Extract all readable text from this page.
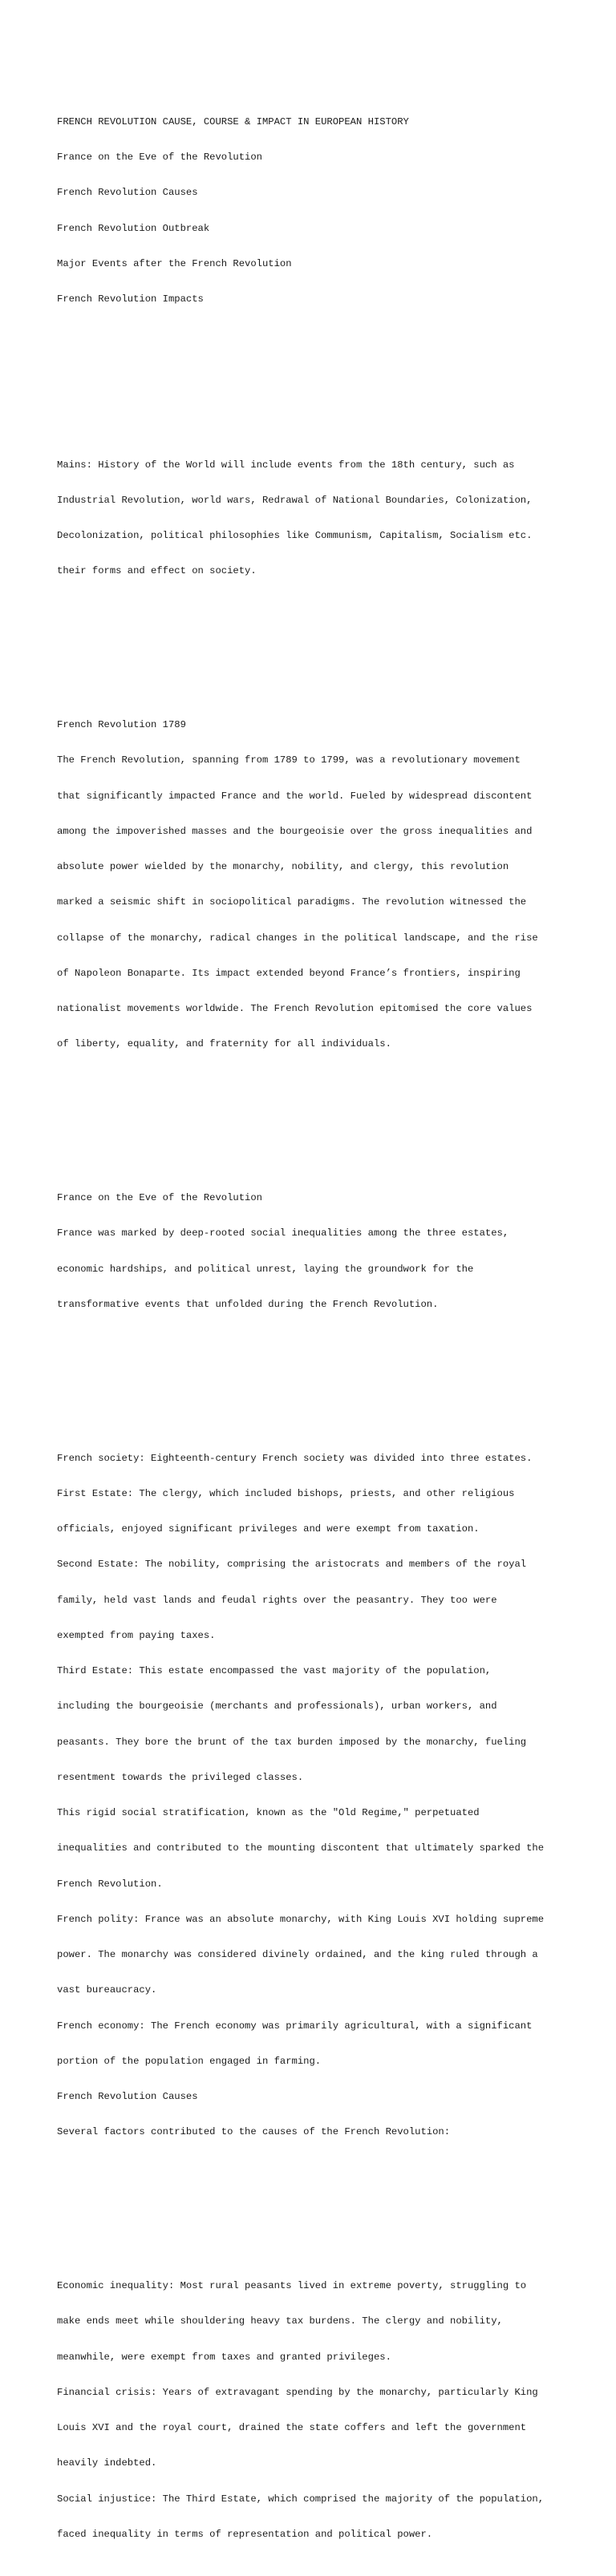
FRENCH REVOLUTION CAUSE, COURSE & IMPACT IN EUROPEAN HISTORY

France on the Eve of the Revolution

French Revolution Causes

French Revolution Outbreak

Major Events after the French Revolution

French Revolution Impacts

Mains: History of the World will include events from the 18th century, such as

Industrial Revolution, world wars, Redrawal of National Boundaries, Colonization,

Decolonization, political philosophies like Communism, Capitalism, Socialism etc.

their forms and effect on society.

French Revolution 1789

The French Revolution, spanning from 1789 to 1799, was a revolutionary movement

that significantly impacted France and the world. Fueled by widespread discontent

among the impoverished masses and the bourgeoisie over the gross inequalities and

absolute power wielded by the monarchy, nobility, and clergy, this revolution

marked a seismic shift in sociopolitical paradigms. The revolution witnessed the

collapse of the monarchy, radical changes in the political landscape, and the rise

of Napoleon Bonaparte. Its impact extended beyond France’s frontiers, inspiring

nationalist movements worldwide. The French Revolution epitomised the core values

of liberty, equality, and fraternity for all individuals.

France on the Eve of the Revolution

France was marked by deep-rooted social inequalities among the three estates,

economic hardships, and political unrest, laying the groundwork for the

transformative events that unfolded during the French Revolution.

French society: Eighteenth-century French society was divided into three estates.

First Estate: The clergy, which included bishops, priests, and other religious

officials, enjoyed significant privileges and were exempt from taxation.

Second Estate: The nobility, comprising the aristocrats and members of the royal

family, held vast lands and feudal rights over the peasantry. They too were

exempted from paying taxes.

Third Estate: This estate encompassed the vast majority of the population,

including the bourgeoisie (merchants and professionals), urban workers, and

peasants. They bore the brunt of the tax burden imposed by the monarchy, fueling

resentment towards the privileged classes.

This rigid social stratification, known as the "Old Regime," perpetuated

inequalities and contributed to the mounting discontent that ultimately sparked the

French Revolution.

French polity: France was an absolute monarchy, with King Louis XVI holding supreme

power. The monarchy was considered divinely ordained, and the king ruled through a

vast bureaucracy.

French economy: The French economy was primarily agricultural, with a significant

portion of the population engaged in farming.

French Revolution Causes

Several factors contributed to the causes of the French Revolution:

Economic inequality: Most rural peasants lived in extreme poverty, struggling to

make ends meet while shouldering heavy tax burdens. The clergy and nobility,

meanwhile, were exempt from taxes and granted privileges.

Financial crisis: Years of extravagant spending by the monarchy, particularly King

Louis XVI and the royal court, drained the state coffers and left the government

heavily indebted.

Social injustice: The Third Estate, which comprised the majority of the population,

faced inequality in terms of representation and political power.
